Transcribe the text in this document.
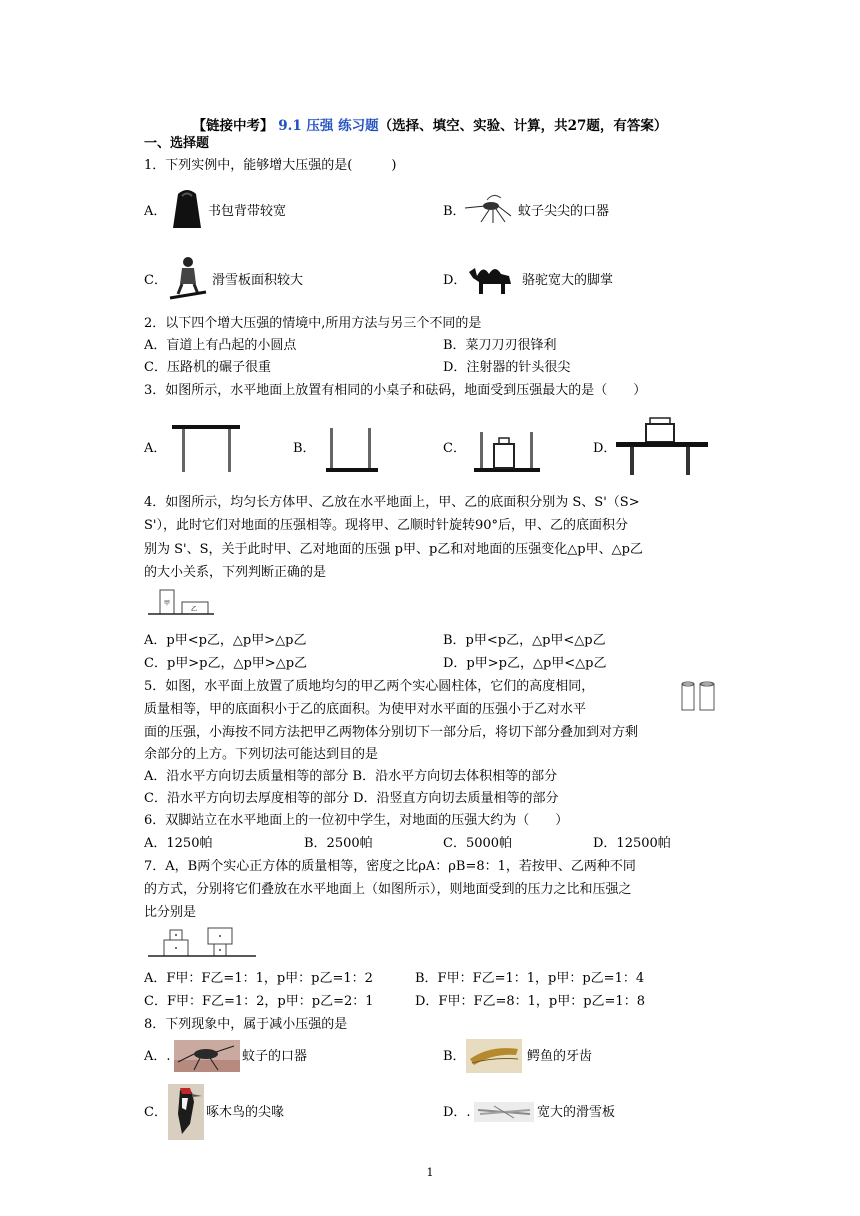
【链接中考】 9.1 压强 练习题（选择、填空、实验、计算，共27题，有答案）
一、选择题
1．下列实例中，能够增大压强的是(　　　)
A．	书包背带较宽	B．	蚊子尖尖的口器
C．	滑雪板面积较大	D．	骆驼宽大的脚掌
2．以下四个增大压强的情境中,所用方法与另三个不同的是
A．盲道上有凸起的小圆点	B．菜刀刀刃很锋利
C．压路机的碾子很重	D．注射器的针头很尖
3．如图所示，水平地面上放置有相同的小桌子和砝码，地面受到压强最大的是（　　）
A．	B．	C．	D．
4．如图所示，均匀长方体甲、乙放在水平地面上，甲、乙的底面积分别为 S、S'（S>
S'），此时它们对地面的压强相等。现将甲、乙顺时针旋转90°后，甲、乙的底面积分
别为 S'、S，关于此时甲、乙对地面的压强 p甲、p乙和对地面的压强变化△p甲、△p乙
的大小关系，下列判断正确的是
甲
乙
A．p甲<p乙，△p甲>△p乙	B．p甲<p乙，△p甲<△p乙
C．p甲>p乙，△p甲>△p乙	D．p甲>p乙，△p甲<△p乙
5．如图，水平面上放置了质地均匀的甲乙两个实心圆柱体，它们的高度相同，
质量相等，甲的底面积小于乙的底面积。为使甲对水平面的压强小于乙对水平
面的压强，小海按不同方法把甲乙两物体分别切下一部分后，将切下部分叠加到对方剩
余部分的上方。下列切法可能达到目的是
A．沿水平方向切去质量相等的部分 B．沿水平方向切去体积相等的部分
C．沿水平方向切去厚度相等的部分 D．沿竖直方向切去质量相等的部分
6．双脚站立在水平地面上的一位初中学生，对地面的压强大约为（　　）
A．1250帕	B．2500帕	C．5000帕	D．12500帕
7．A，B两个实心正方体的质量相等，密度之比ρA：ρB=8：1，若按甲、乙两种不同
的方式，分别将它们叠放在水平地面上（如图所示），则地面受到的压力之比和压强之
比分别是
A．F甲：F乙=1：1，p甲：p乙=1：2	B．F甲：F乙=1：1，p甲：p乙=1：4
C．F甲：F乙=1：2，p甲：p乙=2：1	D．F甲：F乙=8：1，p甲：p乙=1：8
8．下列现象中，属于减小压强的是
A．.	蚊子的口器	B．	鳄鱼的牙齿
C．	啄木鸟的尖喙	D．.	宽大的滑雪板
1
